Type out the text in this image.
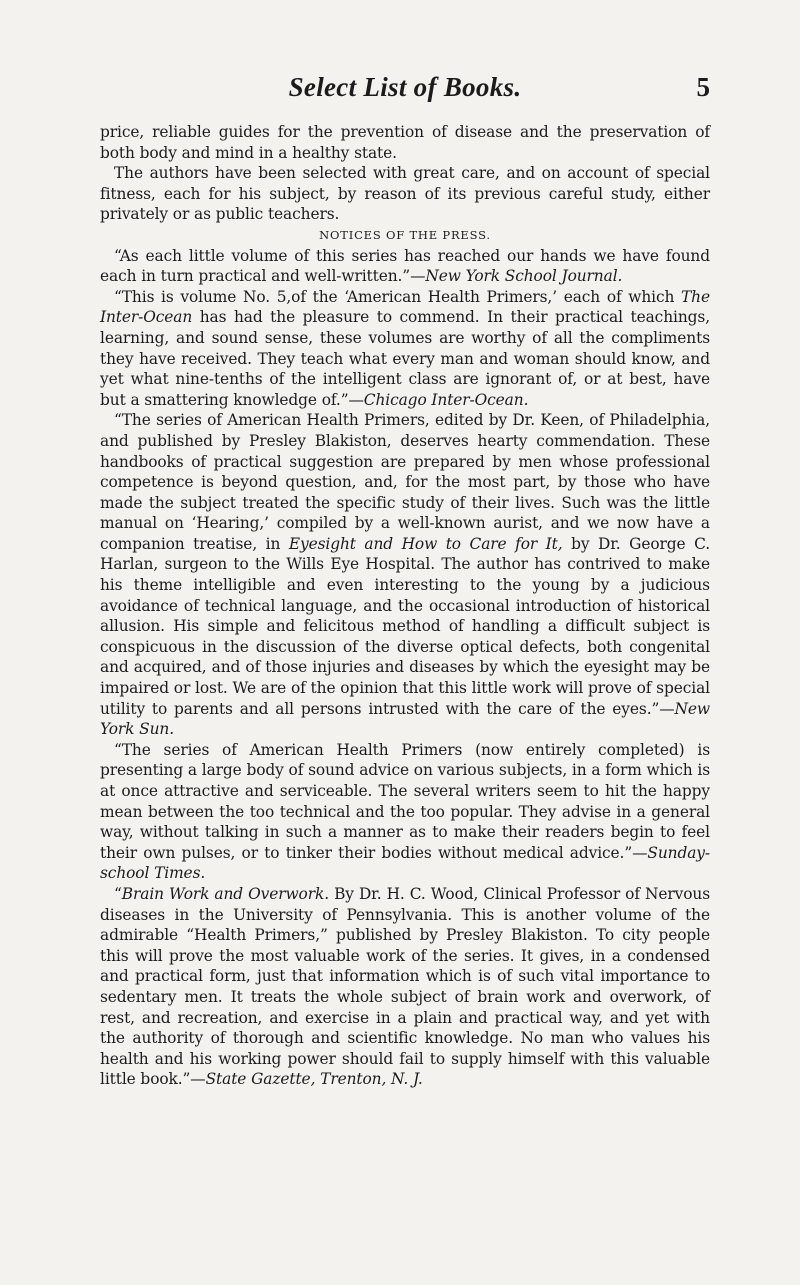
Select List of Books.	5

price, reliable guides for the prevention of disease and the preservation of both body and mind in a healthy state.

The authors have been selected with great care, and on account of special fitness, each for his subject, by reason of its previous careful study, either privately or as public teachers.

NOTICES OF THE PRESS.

“As each little volume of this series has reached our hands we have found each in turn practical and well-written.”—New York School Journal.

“This is volume No. 5,of the ‘American Health Primers,’ each of which The Inter-Ocean has had the pleasure to commend. In their practical teachings, learning, and sound sense, these volumes are worthy of all the compliments they have received. They teach what every man and woman should know, and yet what nine-tenths of the intelligent class are ignorant of, or at best, have but a smattering knowledge of.”—Chicago Inter-Ocean.

“The series of American Health Primers, edited by Dr. Keen, of Philadelphia, and published by Presley Blakiston, deserves hearty commendation. These handbooks of practical suggestion are prepared by men whose professional competence is beyond question, and, for the most part, by those who have made the subject treated the specific study of their lives. Such was the little manual on ‘Hearing,’ compiled by a well-known aurist, and we now have a companion treatise, in Eyesight and How to Care for It, by Dr. George C. Harlan, surgeon to the Wills Eye Hospital. The author has contrived to make his theme intelligible and even interesting to the young by a judicious avoidance of technical language, and the occasional introduction of historical allusion. His simple and felicitous method of handling a difficult subject is conspicuous in the discussion of the diverse optical defects, both congenital and acquired, and of those injuries and diseases by which the eyesight may be impaired or lost. We are of the opinion that this little work will prove of special utility to parents and all persons intrusted with the care of the eyes.”—New York Sun.

“The series of American Health Primers (now entirely completed) is presenting a large body of sound advice on various subjects, in a form which is at once attractive and serviceable. The several writers seem to hit the happy mean between the too technical and the too popular. They advise in a general way, without talking in such a manner as to make their readers begin to feel their own pulses, or to tinker their bodies without medical advice.”—Sunday-school Times.

“Brain Work and Overwork. By Dr. H. C. Wood, Clinical Professor of Nervous diseases in the University of Pennsylvania. This is another volume of the admirable “Health Primers,” published by Presley Blakiston. To city people this will prove the most valuable work of the series. It gives, in a condensed and practical form, just that information which is of such vital importance to sedentary men. It treats the whole subject of brain work and overwork, of rest, and recreation, and exercise in a plain and practical way, and yet with the authority of thorough and scientific knowledge. No man who values his health and his working power should fail to supply himself with this valuable little book.”—State Gazette, Trenton, N. J.
